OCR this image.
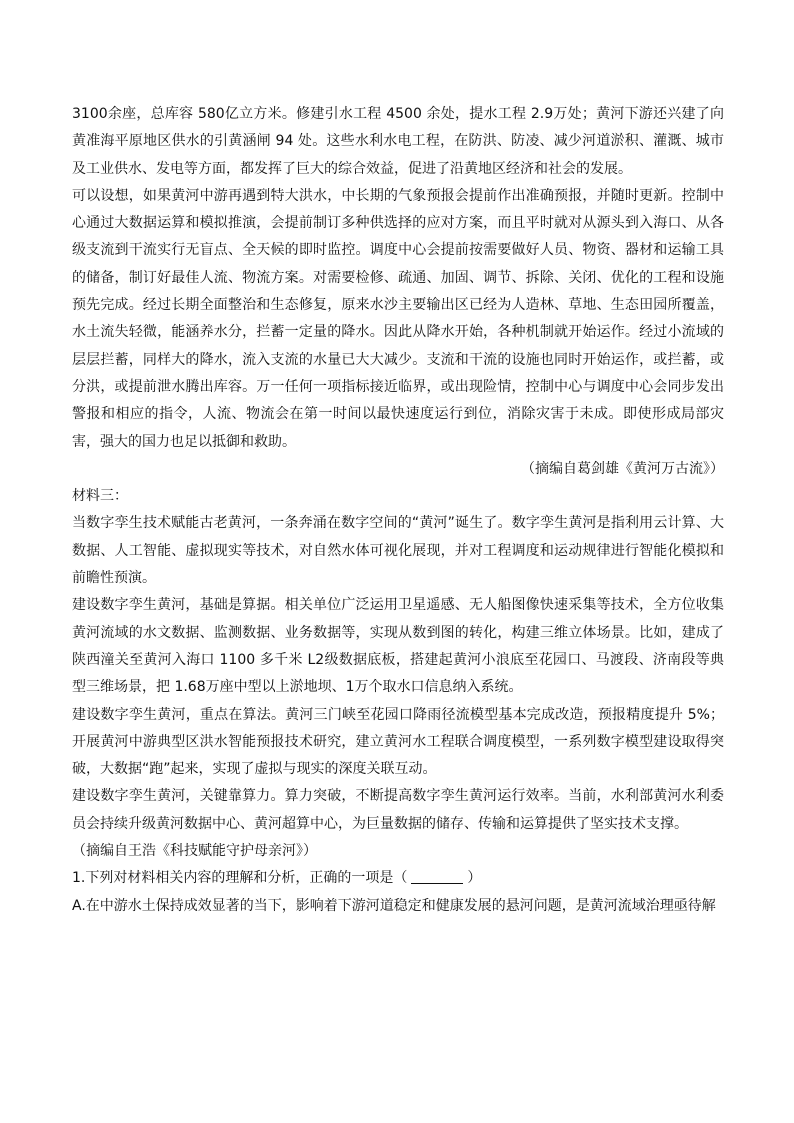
3100余座，总库容 580亿立方米。修建引水工程 4500 余处，提水工程 2.9万处；黄河下游还兴建了向黄准海平原地区供水的引黄涵闸 94 处。这些水利水电工程，在防洪、防凌、减少河道淤积、灌溉、城市及工业供水、发电等方面，都发挥了巨大的综合效益，促进了沿黄地区经济和社会的发展。

可以设想，如果黄河中游再遇到特大洪水，中长期的气象预报会提前作出准确预报，并随时更新。控制中心通过大数据运算和模拟推演，会提前制订多种供选择的应对方案，而且平时就对从源头到入海口、从各级支流到干流实行无盲点、全天候的即时监控。调度中心会提前按需要做好人员、物资、器材和运输工具的储备，制订好最佳人流、物流方案。对需要检修、疏通、加固、调节、拆除、关闭、优化的工程和设施预先完成。经过长期全面整治和生态修复，原来水沙主要输出区已经为人造林、草地、生态田园所覆盖，水土流失轻微，能涵养水分，拦蓄一定量的降水。因此从降水开始，各种机制就开始运作。经过小流域的层层拦蓄，同样大的降水，流入支流的水量已大大减少。支流和干流的设施也同时开始运作，或拦蓄，或分洪，或提前泄水腾出库容。万一任何一项指标接近临界，或出现险情，控制中心与调度中心会同步发出警报和相应的指令，人流、物流会在第一时间以最快速度运行到位，消除灾害于未成。即使形成局部灾害，强大的国力也足以抵御和救助。

（摘编自葛剑雄《黄河万古流》）

材料三：

当数字孪生技术赋能古老黄河，一条奔涌在数字空间的“黄河”诞生了。数字孪生黄河是指利用云计算、大数据、人工智能、虚拟现实等技术，对自然水体可视化展现，并对工程调度和运动规律进行智能化模拟和前瞻性预演。

建设数字孪生黄河，基础是算据。相关单位广泛运用卫星遥感、无人船图像快速采集等技术，全方位收集黄河流域的水文数据、监测数据、业务数据等，实现从数到图的转化，构建三维立体场景。比如，建成了陕西潼关至黄河入海口 1100 多千米 L2级数据底板，搭建起黄河小浪底至花园口、马渡段、济南段等典型三维场景，把 1.68万座中型以上淤地坝、1万个取水口信息纳入系统。

建设数字孪生黄河，重点在算法。黄河三门峡至花园口降雨径流模型基本完成改造，预报精度提升 5%；开展黄河中游典型区洪水智能预报技术研究，建立黄河水工程联合调度模型，一系列数字模型建设取得突破，大数据“跑”起来，实现了虚拟与现实的深度关联互动。

建设数字孪生黄河，关键靠算力。算力突破，不断提高数字孪生黄河运行效率。当前，水利部黄河水利委员会持续升级黄河数据中心、黄河超算中心，为巨量数据的储存、传输和运算提供了坚实技术支撑。

（摘编自王浩《科技赋能守护母亲河》）

1.下列对材料相关内容的理解和分析，正确的一项是（	）

A.在中游水土保持成效显著的当下，影响着下游河道稳定和健康发展的悬河问题，是黄河流域治理亟待解
